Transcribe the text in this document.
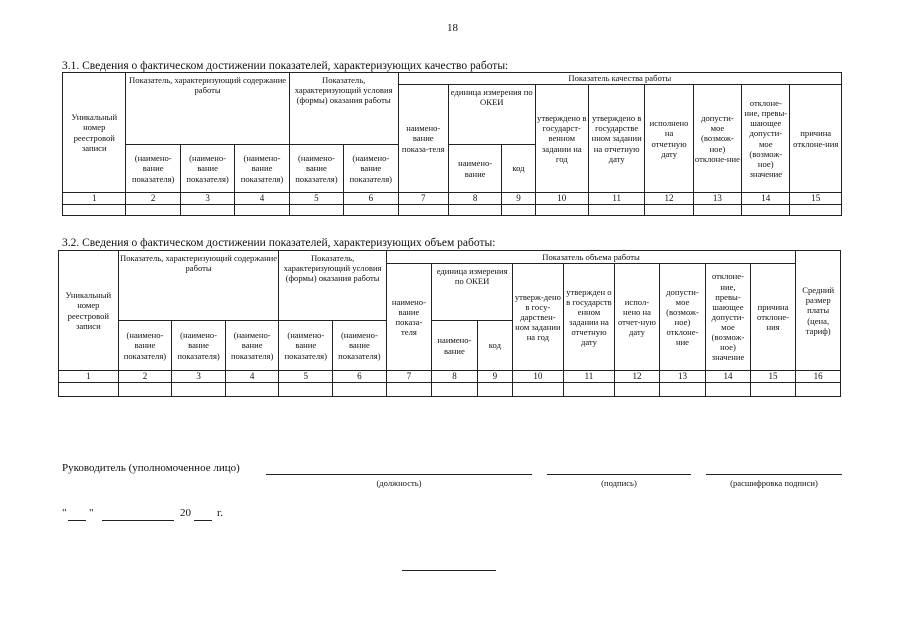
18
3.1. Сведения о фактическом достижении показателей, характеризующих качество работы:
Уникальный номер реестровой записи	Показатель, характеризующий содержание работы			Показатель, характеризующий условия (формы) оказания работы		Показатель качества работы								
						наимено-вание показа-теля	единица измерения по ОКЕИ		утверждено в государст-венном задании на год	утверждено в государстве нном задании на отчетную дату	исполнено на отчетную дату	допусти-мое (возмож-ное) отклоне-ние	отклоне-ние, превы-шающее допусти-мое (возмож-ное) значение	причина отклоне-ния
	(наимено-вание показателя)	(наимено-вание показателя)	(наимено-вание показателя)	(наимено-вание показателя)	(наимено-вание показателя)		наимено-вание	код						
1	2	3	4	5	6	7	8	9	10	11	12	13	14	15

3.2. Сведения о фактическом достижении показателей, характеризующих объем работы:
Уникальный номер реестровой записи	Показатель, характеризующий содержание работы			Показатель, характеризующий условия (формы) оказания работы		Показатель объема работы									Средний размер платы (цена, тариф)
						наимено-вание показа-теля	единица измерения по ОКЕИ		утверж-дено в госу-дарствен-ном задании на год	утвержден о в государств енном задании на отчетную дату	испол-нено на отчет-ную дату	допусти-мое (возмож-ное) отклоне-ние	отклоне-ние, превы-шающее допусти-мое (возмож-ное) значение	причина отклоне-ния	
	(наимено-вание показателя)	(наимено-вание показателя)	(наимено-вание показателя)	(наимено-вание показателя)	(наимено-вание показателя)		наимено-вание	код							
1	2	3	4	5	6	7	8	9	10	11	12	13	14	15	16

Руководитель (уполномоченное лицо)
(должность)	(подпись)	(расшифровка подписи)
" "	20 г.
